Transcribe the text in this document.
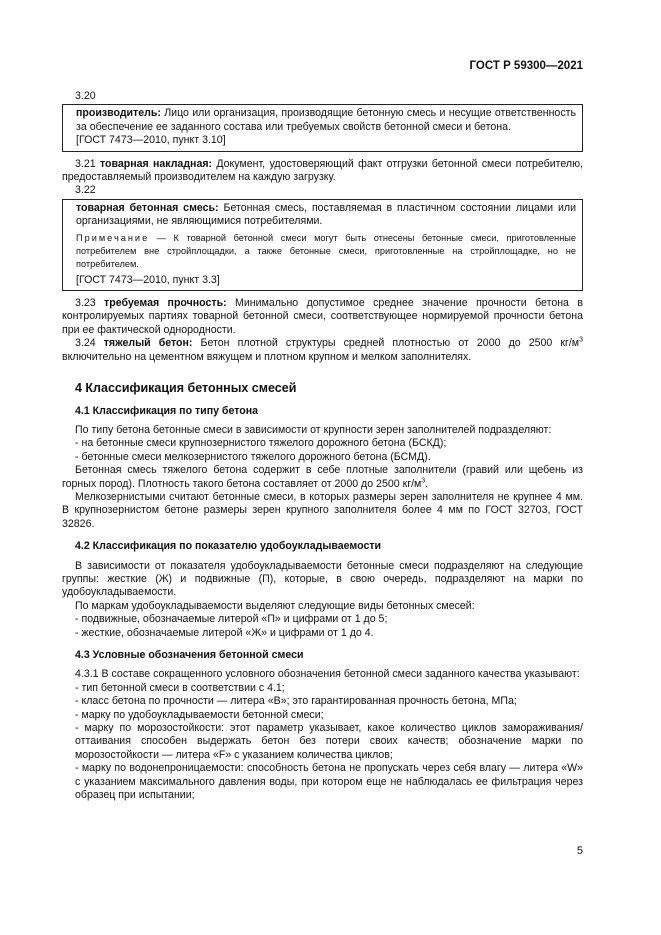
ГОСТ Р 59300—2021

3.20

производитель: Лицо или организация, производящие бетонную смесь и несущие ответственность за обеспечение ее заданного состава или требуемых свойств бетонной смеси и бетона.

[ГОСТ 7473—2010, пункт 3.10]

3.21 товарная накладная: Документ, удостоверяющий факт отгрузки бетонной смеси потребителю, предоставляемый производителем на каждую загрузку.

3.22

товарная бетонная смесь: Бетонная смесь, поставляемая в пластичном состоянии лицами или организациями, не являющимися потребителями.

Примечание — К товарной бетонной смеси могут быть отнесены бетонные смеси, приготовленные потребителем вне стройплощадки, а также бетонные смеси, приготовленные на стройплощадке, но не потребителем.

[ГОСТ 7473—2010, пункт 3.3]

3.23 требуемая прочность: Минимально допустимое среднее значение прочности бетона в контролируемых партиях товарной бетонной смеси, соответствующее нормируемой прочности бетона при ее фактической однородности.

3.24 тяжелый бетон: Бетон плотной структуры средней плотностью от 2000 до 2500 $кг/м^3$ включительно на цементном вяжущем и плотном крупном и мелком заполнителях.

4 Классификация бетонных смесей
4.1 Классификация по типу бетона

По типу бетона бетонные смеси в зависимости от крупности зерен заполнителей подразделяют:

- на бетонные смеси крупнозернистого тяжелого дорожного бетона (БСКД);

- бетонные смеси мелкозернистого тяжелого дорожного бетона (БСМД).

Бетонная смесь тяжелого бетона содержит в себе плотные заполнители (гравий или щебень из горных пород). Плотность такого бетона составляет от 2000 до 2500 $кг/м^3$.

Мелкозернистыми считают бетонные смеси, в которых размеры зерен заполнителя не крупнее 4 мм. В крупнозернистом бетоне размеры зерен крупного заполнителя более 4 мм по ГОСТ 32703, ГОСТ 32826.

4.2 Классификация по показателю удобоукладываемости

В зависимости от показателя удобоукладываемости бетонные смеси подразделяют на следующие группы: жесткие (Ж) и подвижные (П), которые, в свою очередь, подразделяют на марки по удобоукладываемости.

По маркам удобоукладываемости выделяют следующие виды бетонных смесей:

- подвижные, обозначаемые литерой «П» и цифрами от 1 до 5;

- жесткие, обозначаемые литерой «Ж» и цифрами от 1 до 4.

4.3 Условные обозначения бетонной смеси

4.3.1 В составе сокращенного условного обозначения бетонной смеси заданного качества указывают:

- тип бетонной смеси в соответствии с 4.1;

- класс бетона по прочности — литера «B»; это гарантированная прочность бетона, МПа;

- марку по удобоукладываемости бетонной смеси;

- марку по морозостойкости: этот параметр указывает, какое количество циклов замораживания/оттаивания способен выдержать бетон без потери своих качеств; обозначение марки по морозостойкости — литера «F» с указанием количества циклов;

- марку по водонепроницаемости: способность бетона не пропускать через себя влагу — литера «W» с указанием максимального давления воды, при котором еще не наблюдалась ее фильтрация через образец при испытании;

5
